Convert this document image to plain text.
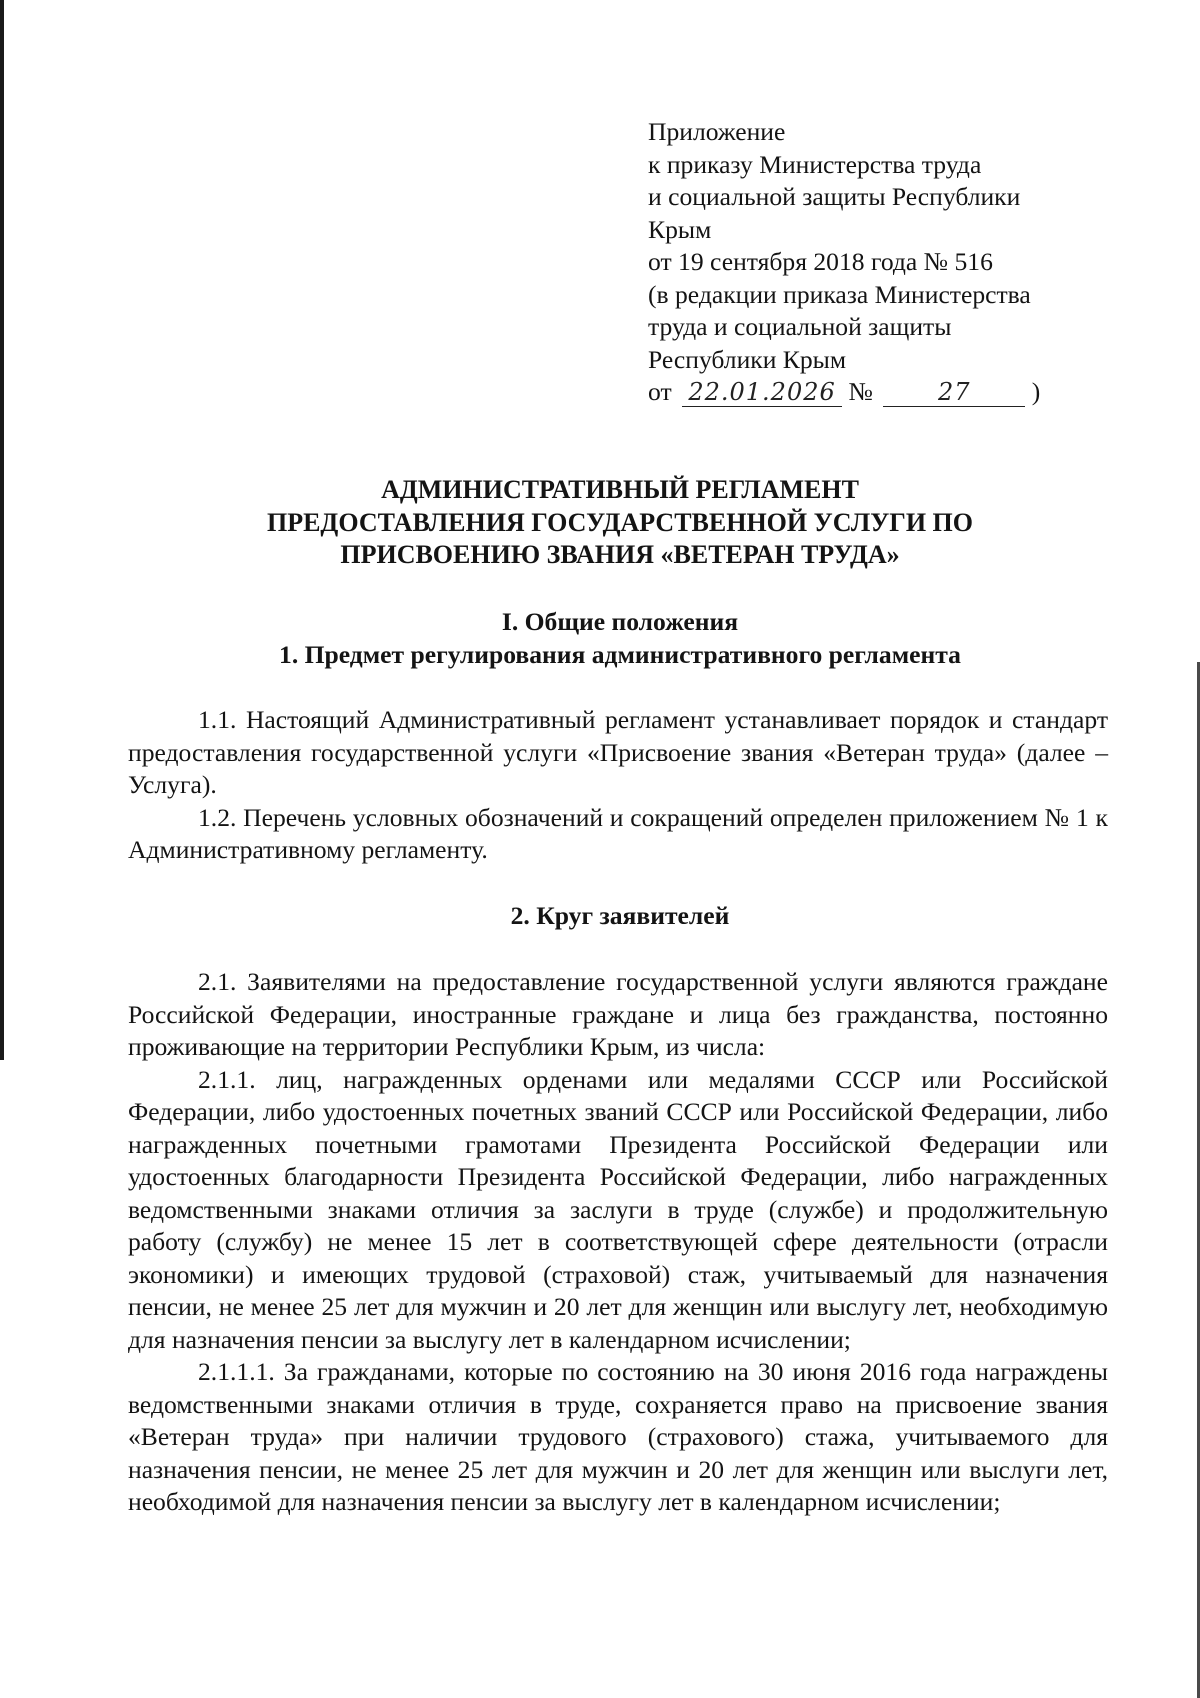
Приложение
к приказу Министерства труда
и социальной защиты Республики
Крым
от 19 сентября 2018 года № 516
(в редакции приказа Министерства
труда и социальной защиты
Республики Крым
от 22.01.2026 №	27 )
АДМИНИСТРАТИВНЫЙ РЕГЛАМЕНТ
ПРЕДОСТАВЛЕНИЯ ГОСУДАРСТВЕННОЙ УСЛУГИ ПО
ПРИСВОЕНИЮ ЗВАНИЯ «ВЕТЕРАН ТРУДА»
I. Общие положения
1. Предмет регулирования административного регламента

1.1. Настоящий Административный регламент устанавливает порядок и стандарт предоставления государственной услуги «Присвоение звания «Ветеран труда» (далее – Услуга).

1.2. Перечень условных обозначений и сокращений определен приложением № 1 к Административному регламенту.

2. Круг заявителей

2.1. Заявителями на предоставление государственной услуги являются граждане Российской Федерации, иностранные граждане и лица без гражданства, постоянно проживающие на территории Республики Крым, из числа:

2.1.1. лиц, награжденных орденами или медалями СССР или Российской Федерации, либо удостоенных почетных званий СССР или Российской Федерации, либо награжденных почетными грамотами Президента Российской Федерации или удостоенных благодарности Президента Российской Федерации, либо награжденных ведомственными знаками отличия за заслуги в труде (службе) и продолжительную работу (службу) не менее 15 лет в соответствующей сфере деятельности (отрасли экономики) и имеющих трудовой (страховой) стаж, учитываемый для назначения пенсии, не менее 25 лет для мужчин и 20 лет для женщин или выслугу лет, необходимую для назначения пенсии за выслугу лет в календарном исчислении;

2.1.1.1. За гражданами, которые по состоянию на 30 июня 2016 года награждены ведомственными знаками отличия в труде, сохраняется право на присвоение звания «Ветеран труда» при наличии трудового (страхового) стажа, учитываемого для назначения пенсии, не менее 25 лет для мужчин и 20 лет для женщин или выслуги лет, необходимой для назначения пенсии за выслугу лет в календарном исчислении;
